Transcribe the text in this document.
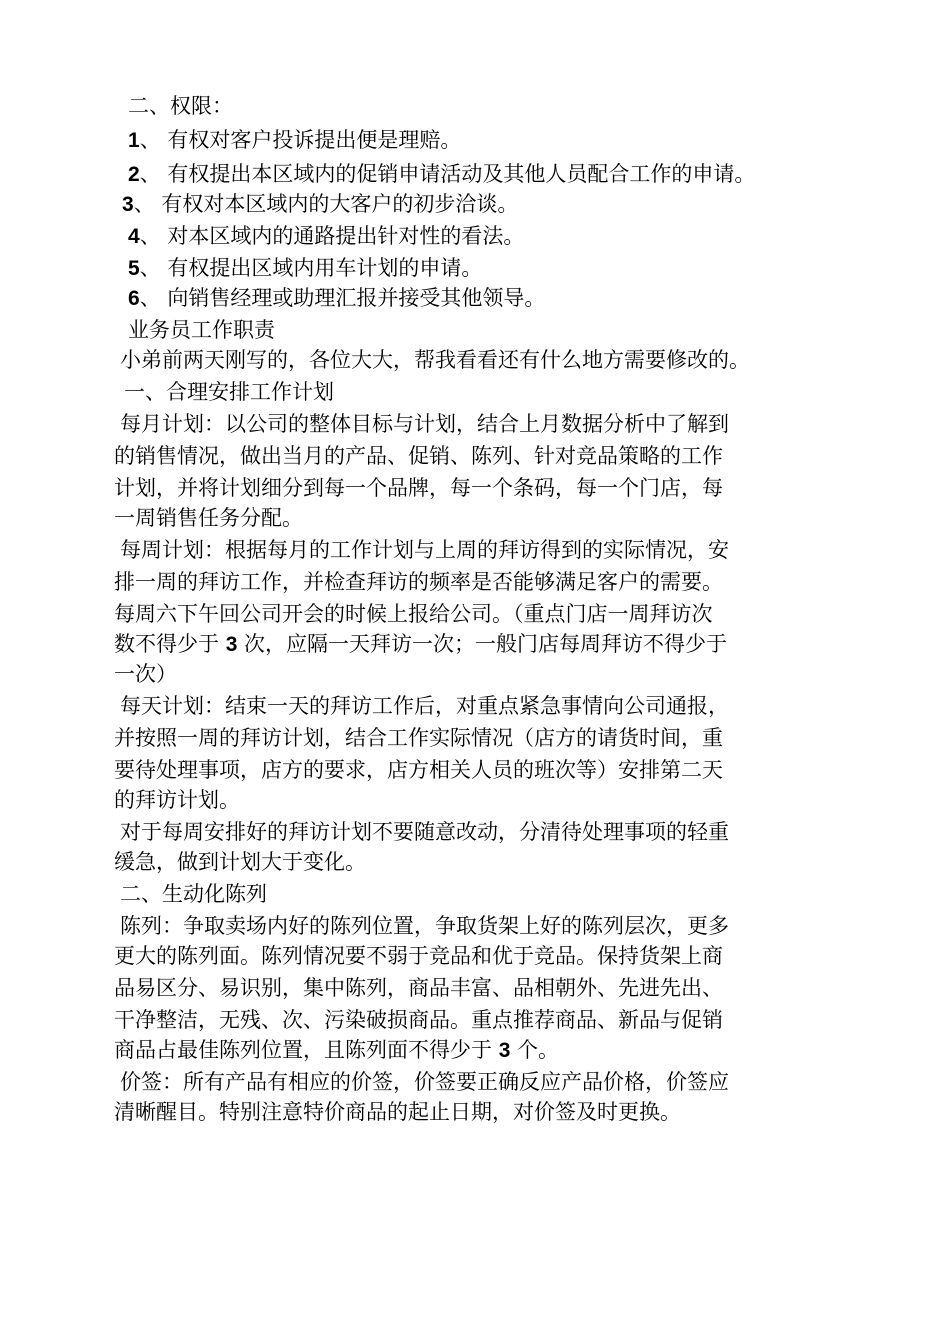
二、权限：
1、 有权对客户投诉提出便是理赔。
2、 有权提出本区域内的促销申请活动及其他人员配合工作的申请。
3、 有权对本区域内的大客户的初步洽谈。
4、 对本区域内的通路提出针对性的看法。
5、 有权提出区域内用车计划的申请。
6、 向销售经理或助理汇报并接受其他领导。
业务员工作职责
小弟前两天刚写的，各位大大，帮我看看还有什么地方需要修改的。
一、合理安排工作计划
每月计划：以公司的整体目标与计划，结合上月数据分析中了解到
的销售情况，做出当月的产品、促销、陈列、针对竞品策略的工作
计划，并将计划细分到每一个品牌，每一个条码，每一个门店，每
一周销售任务分配。
每周计划：根据每月的工作计划与上周的拜访得到的实际情况，安
排一周的拜访工作，并检查拜访的频率是否能够满足客户的需要。
每周六下午回公司开会的时候上报给公司。（重点门店一周拜访次
数不得少于 3 次，应隔一天拜访一次；一般门店每周拜访不得少于
一次）
每天计划：结束一天的拜访工作后，对重点紧急事情向公司通报，
并按照一周的拜访计划，结合工作实际情况（店方的请货时间，重
要待处理事项，店方的要求，店方相关人员的班次等）安排第二天
的拜访计划。
对于每周安排好的拜访计划不要随意改动，分清待处理事项的轻重
缓急，做到计划大于变化。
二、生动化陈列
陈列：争取卖场内好的陈列位置，争取货架上好的陈列层次，更多
更大的陈列面。陈列情况要不弱于竞品和优于竞品。保持货架上商
品易区分、易识别，集中陈列，商品丰富、品相朝外、先进先出、
干净整洁，无残、次、污染破损商品。重点推荐商品、新品与促销
商品占最佳陈列位置，且陈列面不得少于 3 个。
价签：所有产品有相应的价签，价签要正确反应产品价格，价签应
清晰醒目。特别注意特价商品的起止日期，对价签及时更换。
